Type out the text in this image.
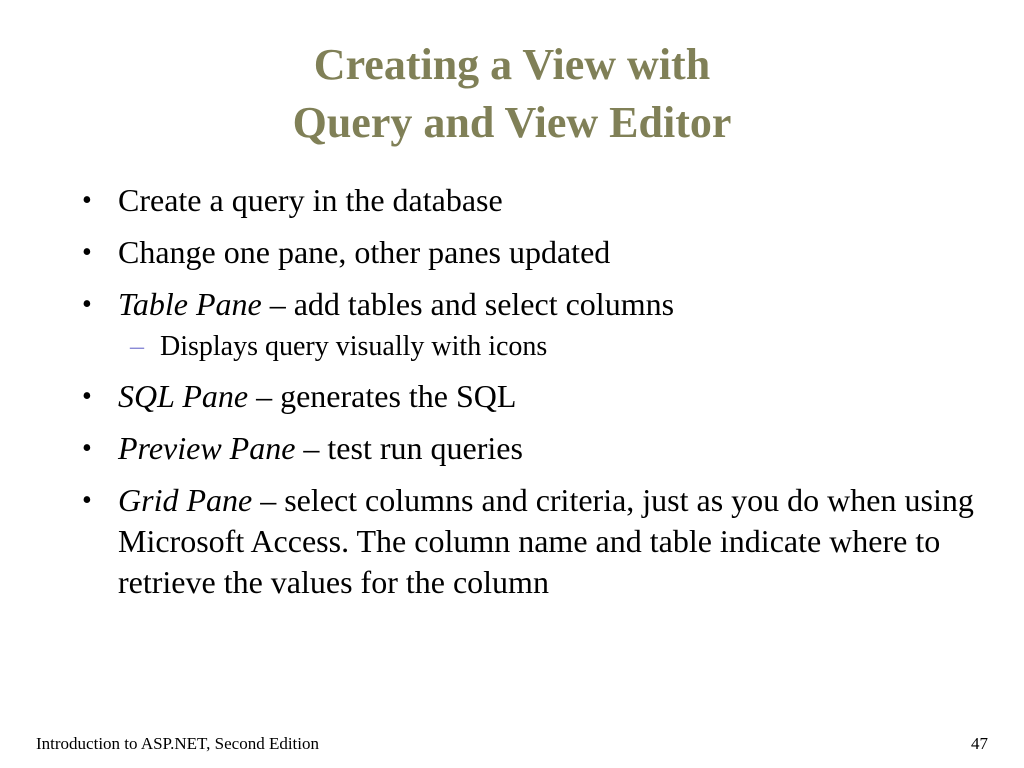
Creating a View with
Query and View Editor
• Create a query in the database
• Change one pane, other panes updated
• Table Pane – add tables and select columns
– Displays query visually with icons
• SQL Pane – generates the SQL
• Preview Pane – test run queries
• Grid Pane – select columns and criteria, just as you do when using Microsoft Access. The column name and table indicate where to retrieve the values for the column
Introduction to ASP.NET, Second Edition	47
